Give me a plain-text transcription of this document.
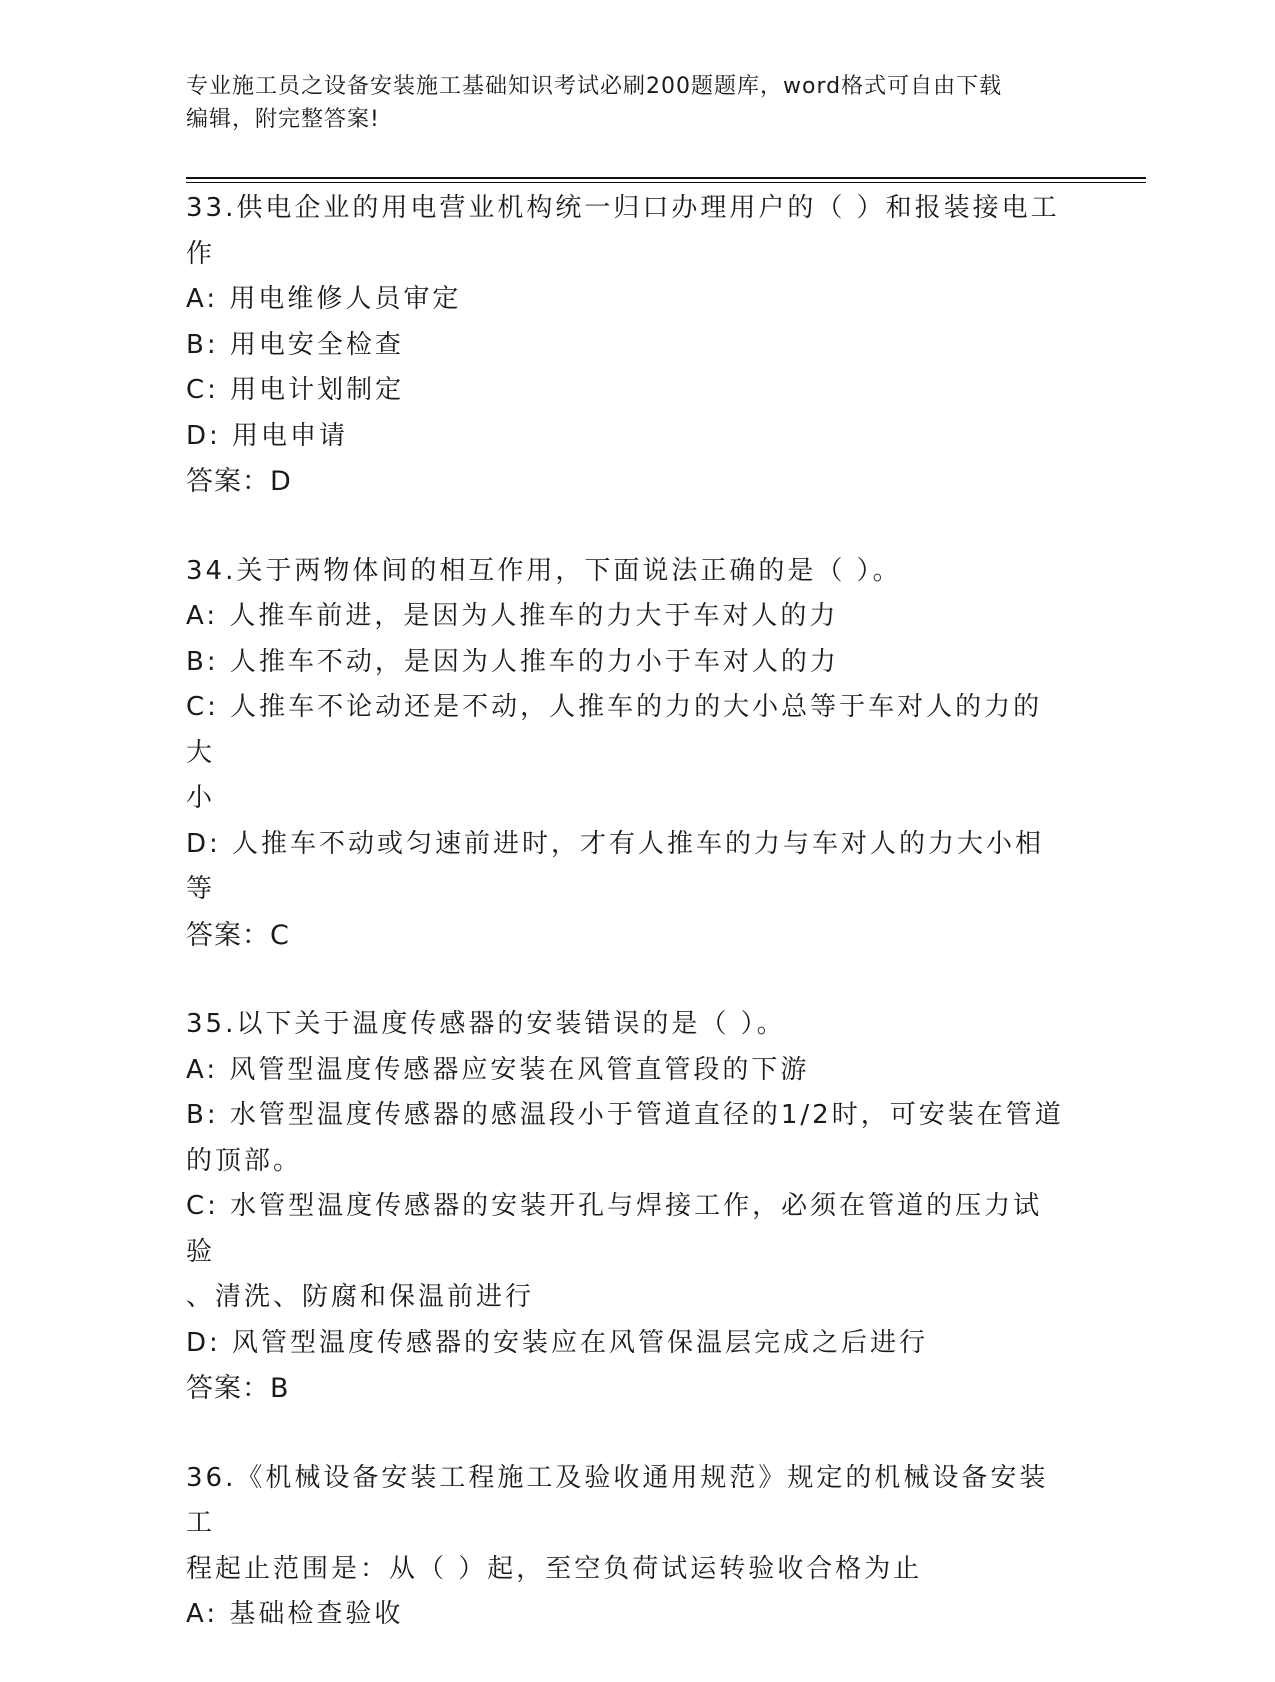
专业施工员之设备安装施工基础知识考试必刷200题题库，word格式可自由下载
编辑，附完整答案!

33.供电企业的用电营业机构统一归口办理用户的（ ）和报装接电工

作

A: 用电维修人员审定

B: 用电安全检查

C: 用电计划制定

D: 用电申请

答案：D

34.关于两物体间的相互作用，下面说法正确的是（ ）。

A: 人推车前进，是因为人推车的力大于车对人的力

B: 人推车不动，是因为人推车的力小于车对人的力

C: 人推车不论动还是不动，人推车的力的大小总等于车对人的力的大

小

D: 人推车不动或匀速前进时，才有人推车的力与车对人的力大小相等

答案：C

35.以下关于温度传感器的安装错误的是（ ）。

A: 风管型温度传感器应安装在风管直管段的下游

B: 水管型温度传感器的感温段小于管道直径的1/2时，可安装在管道

的顶部。

C: 水管型温度传感器的安装开孔与焊接工作，必须在管道的压力试验

、清洗、防腐和保温前进行

D: 风管型温度传感器的安装应在风管保温层完成之后进行

答案：B

36.《机械设备安装工程施工及验收通用规范》规定的机械设备安装工

程起止范围是：从（ ）起，至空负荷试运转验收合格为止

A: 基础检查验收
